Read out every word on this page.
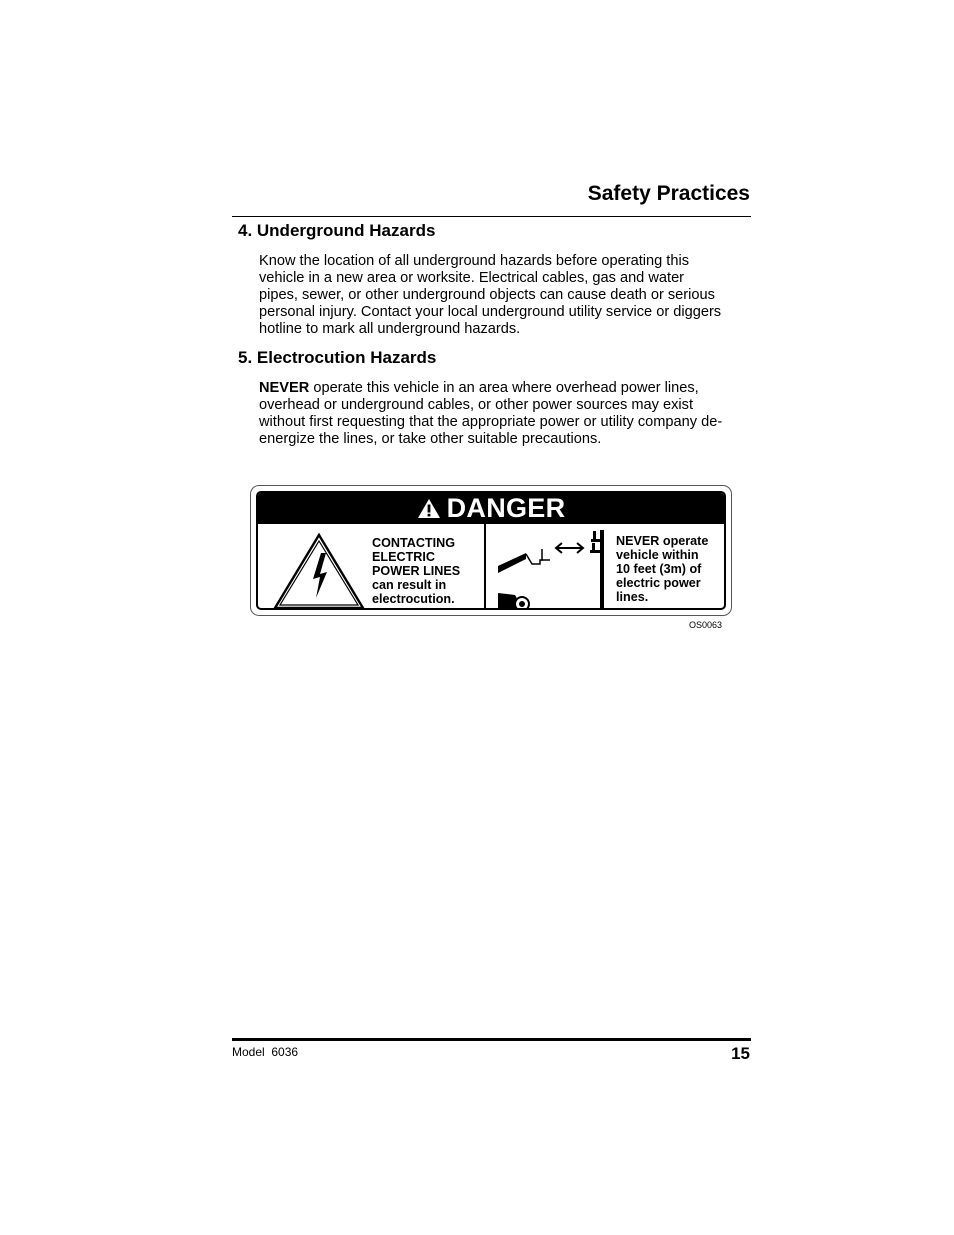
Safety Practices
4. Underground Hazards
Know the location of all underground hazards before operating this
vehicle in a new area or worksite. Electrical cables, gas and water
pipes, sewer, or other underground objects can cause death or serious
personal injury. Contact your local underground utility service or diggers
hotline to mark all underground hazards.
5. Electrocution Hazards
NEVER operate this vehicle in an area where overhead power lines,
overhead or underground cables, or other power sources may exist
without first requesting that the appropriate power or utility company de-
energize the lines, or take other suitable precautions.
DANGER
CONTACTING
ELECTRIC
POWER LINES
can result in
electrocution.
NEVER operate
vehicle within
10 feet (3m) of
electric power
lines.
OS0063
Model  6036	15
